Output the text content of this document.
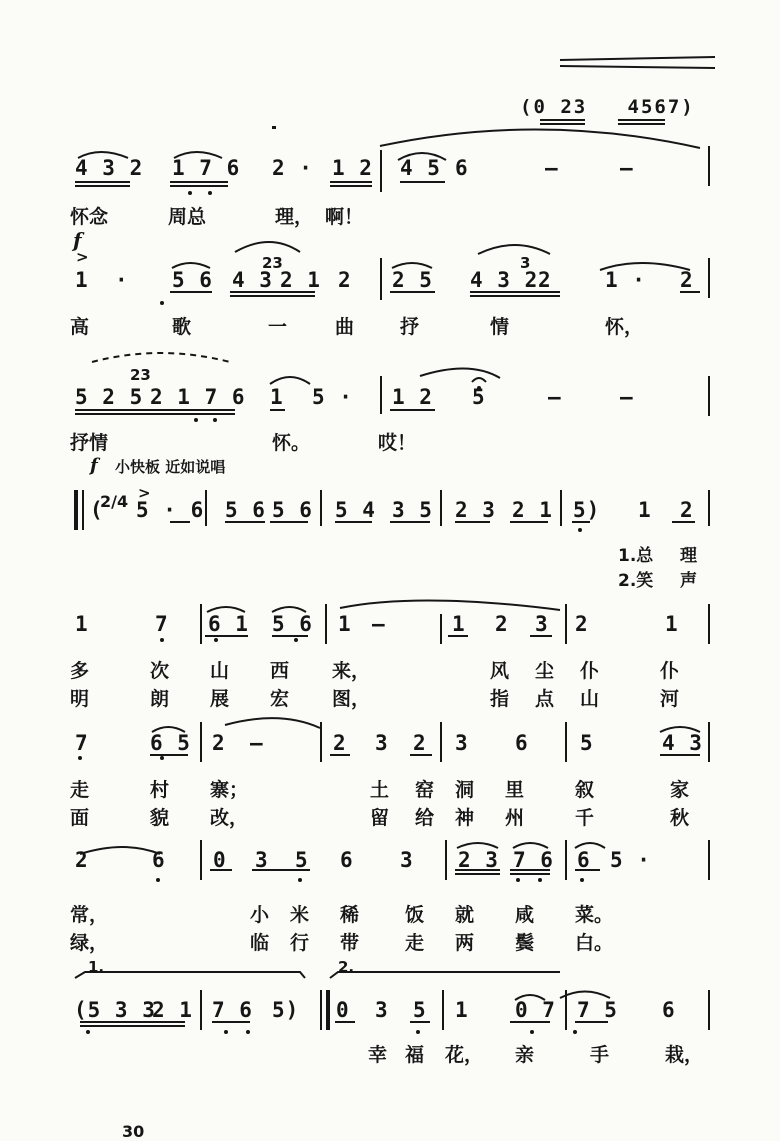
(0 23   4567)
4 3 2 1 7 6 2 · 1 2 4 5 6	—	—
怀念	周总	理， 啊！
f
>
1 · 5 6 4 3
23
2 1 2 2 5 4 3 2
3
2	1 · 2
高	歌	一	曲 抒	情	怀，
5 2 5
23
2 1 7 6 1 5 · 1 2 5	—	—
抒情	怀。	哎！
f 小快板 近如说唱
(
2/4 >
5 · 6 5 6 5 6 5 4 3 5 2 3 2 1 5) 1 2
1.总 理
2.笑 声
1	7 6 1 5 6 1 —	1 2 3 2	1
多	次 山 西 来，	风 尘 仆	仆
明	朗 展 宏 图，	指 点 山	河
7	6 5 2 —	2 3 2 3 6 5	4 3
走	村 寨；	土 窑 洞 里	叙	家
面	貌 改，	留 给 神 州	千	秋
2	6 0 3 5 6 3 2 3 7 6 6 5 ·
常，	小 米 稀 饭 就 咸 菜。
绿，	临 行 带 走 两 鬓 白。
1.	2.
(5 3 3
2 1 7 6 5) 0 3 5 1 0 7 7 5 6
幸 福 花， 亲	手	栽，
30
